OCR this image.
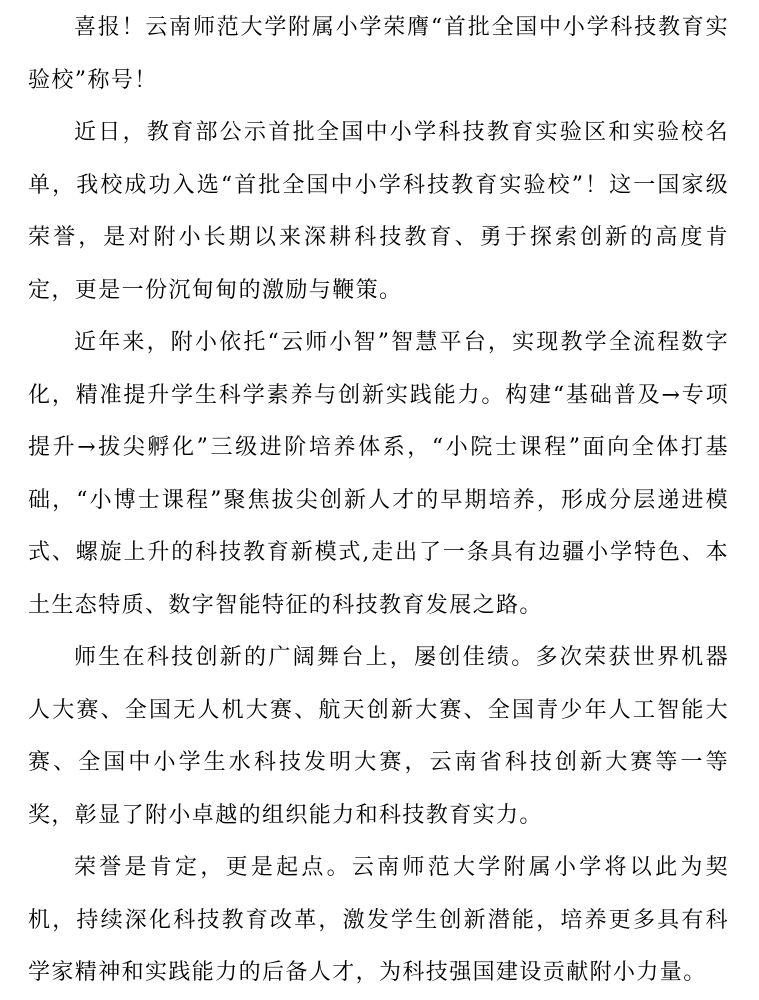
喜报！云南师范大学附属小学荣膺“首批全国中小学科技教育实验校”称号！

近日，教育部公示首批全国中小学科技教育实验区和实验校名单，我校成功入选“首批全国中小学科技教育实验校”！这一国家级荣誉，是对附小长期以来深耕科技教育、勇于探索创新的高度肯定，更是一份沉甸甸的激励与鞭策。

近年来，附小依托“云师小智”智慧平台，实现教学全流程数字化，精准提升学生科学素养与创新实践能力。构建“基础普及→专项提升→拔尖孵化”三级进阶培养体系，“小院士课程”面向全体打基础，“小博士课程”聚焦拔尖创新人才的早期培养，形成分层递进模式、螺旋上升的科技教育新模式,走出了一条具有边疆小学特色、本土生态特质、数字智能特征的科技教育发展之路。

师生在科技创新的广阔舞台上，屡创佳绩。多次荣获世界机器人大赛、全国无人机大赛、航天创新大赛、全国青少年人工智能大赛、全国中小学生水科技发明大赛，云南省科技创新大赛等一等奖，彰显了附小卓越的组织能力和科技教育实力。

荣誉是肯定，更是起点。云南师范大学附属小学将以此为契机，持续深化科技教育改革，激发学生创新潜能，培养更多具有科学家精神和实践能力的后备人才，为科技强国建设贡献附小力量。
